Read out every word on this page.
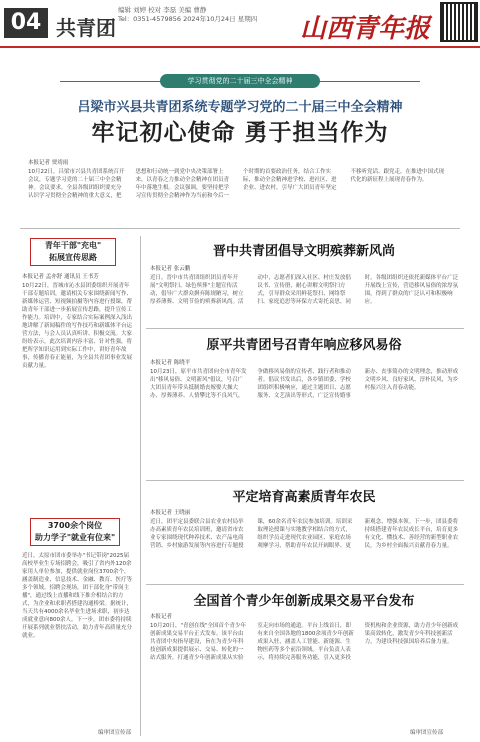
04 共青团
编辑 刘婷 校对 李磊 美编 曹静
Tel：0351-4579856 2024年10月24日 星期四 山西青年报
学习贯彻党的二十届三中全会精神
吕梁市兴县共青团系统专题学习党的二十届三中全会精神
牢记初心使命 勇于担当作为
本报记者 贾靖雨
10月22日，吕梁市兴县共青团系统召开会议，专题学习党的二十届三中全会精神。会议要求，全县各级团组织要充分认识学习贯彻全会精神的重大意义，把思想和行动统一到党中央决策部署上来，以青春之力推动全会精神在团员青年中落地生根。会议强调，要坚持把学习宣传贯彻全会精神作为当前和今后一个时期的首要政治任务，结合工作实际，推动全会精神进学校、进社区、进企业、进农村，引导广大团员青年坚定不移听党话、跟党走，在推进中国式现代化的新征程上展现青春作为。
青年干部"充电"
拓展宣传思路
本报记者 孟亦舒 通讯员 王书芳
10月22日，晋城市沁水县团委组织开展青年干部专题培训，邀请相关专家围绕新闻写作、新媒体运营、短视频拍摄等内容进行授课，帮助青年干部进一步拓展宣传思路，提升宣传工作能力。培训中，专家结合实际案例深入浅出地讲解了新闻稿件的写作技巧和新媒体平台运营方法，与会人员认真听讲、积极交流。大家纷纷表示，此次培训内容丰富、针对性强，将把所学知识运用到实际工作中，讲好青年故事，传播青春正能量，为全县共青团事业发展贡献力量。
3700余个岗位
助力学子"就业有位来"
近日，太原市团市委举办"书记带岗"2025届高校毕业生专场招聘会，吸引了省内外120余家用人单位参加，提供就业岗位3700余个，涵盖制造业、信息技术、金融、教育、医疗等多个领域。招聘会现场，团干部化身"带岗主播"，通过线上直播和线下推介相结合的方式，为企业和求职者搭建沟通桥梁。据统计，当天共有4000余名毕业生进场求职，初步达成就业意向800余人。下一步，团市委将持续开展系列就业帮扶活动，助力青年高质量充分就业。
编审团宣传部
晋中共青团倡导文明殡葬新风尚
本报记者 张云鹏
近日，晋中市共青团组织团员青年开展"文明祭扫、绿色殡葬"主题宣传活动，倡导广大群众摒弃陈规陋习，树立厚养薄葬、文明节俭的殡葬新风尚。活动中，志愿者们深入社区、村庄发放倡议书、宣传册，耐心讲解文明祭扫方式，引导群众采用鲜花祭扫、网络祭扫、家庭追思等环保方式寄托哀思。同时，各级团组织还依托新媒体平台广泛开展线上宣传，营造移风易俗的浓厚氛围，得到了群众的广泛认可和积极响应。
原平共青团号召青年响应移风易俗
本报记者 陈晓平
10月23日，原平市共青团向全市青年发出"移风易俗、文明新风"倡议，号召广大团员青年带头抵制婚丧嫁娶大操大办、厚葬薄养、人情攀比等不良风气，争做移风易俗的宣传者、践行者和推动者。倡议书发出后，各乡镇团委、学校团组织积极响应，通过主题团日、志愿服务、文艺演出等形式，广泛宣传婚事新办、丧事简办的文明理念，推动形成文明乡风、良好家风、淳朴民风，为乡村振兴注入青春动能。
平定培育高素质青年农民
本报记者 王晓丽
近日，团平定县委联合县农业农村局举办高素质青年农民培训班，邀请省市农业专家围绕现代种养技术、农产品电商营销、乡村旅游发展等内容进行专题授课，60余名青年农民参加培训。培训采取理论授课与实地教学相结合的方式，组织学员走进现代农业园区、家庭农场观摩学习，帮助青年农民开阔眼界、更新观念、增强本领。下一步，团县委将持续搭建青年农民成长平台，培育更多有文化、懂技术、善经营的新型职业农民，为乡村全面振兴贡献青春力量。
全国首个青少年创新成果交易平台发布
本报记者
10月20日，"青创在线"全国首个青少年创新成果交易平台正式发布。该平台由共青团中央指导建设，旨在为青少年科技创新成果提供展示、交易、转化的一站式服务，打通青少年创新成果从实验室走向市场的通道。平台上线首日，即有来自全国各地的1800余项青少年创新成果入驻，涵盖人工智能、新能源、生物医药等多个前沿领域。平台负责人表示，将持续完善服务功能，引入更多投资机构和企业资源，助力青少年创新成果高效转化，激发青少年科技创新活力，为建设科技强国培养后备力量。
编审团宣传部
